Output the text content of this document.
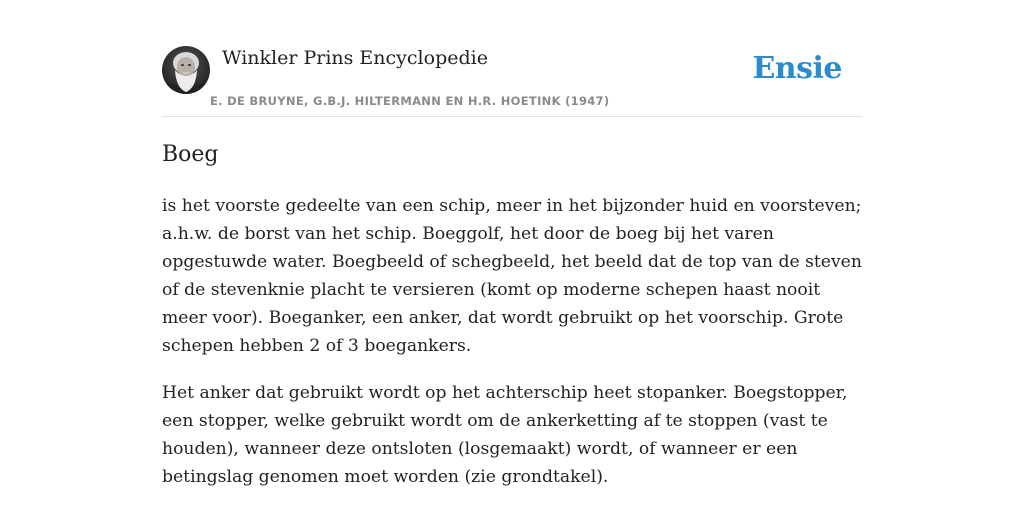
Winkler Prins Encyclopedie
E. DE BRUYNE, G.B.J. HILTERMANN EN H.R. HOETINK (1947)
Ensie
Boeg

is het voorste gedeelte van een schip, meer in het bijzonder huid en voorsteven; a.h.w. de borst van het schip. Boeggolf, het door de boeg bij het varen opgestuwde water. Boegbeeld of schegbeeld, het beeld dat de top van de steven of de stevenknie placht te versieren (komt op moderne schepen haast nooit meer voor). Boeganker, een anker, dat wordt gebruikt op het voorschip. Grote schepen hebben 2 of 3 boegankers.

Het anker dat gebruikt wordt op het achterschip heet stopanker. Boegstopper, een stopper, welke gebruikt wordt om de ankerketting af te stoppen (vast te houden), wanneer deze ontsloten (losgemaakt) wordt, of wanneer er een betingslag genomen moet worden (zie grondtakel).
